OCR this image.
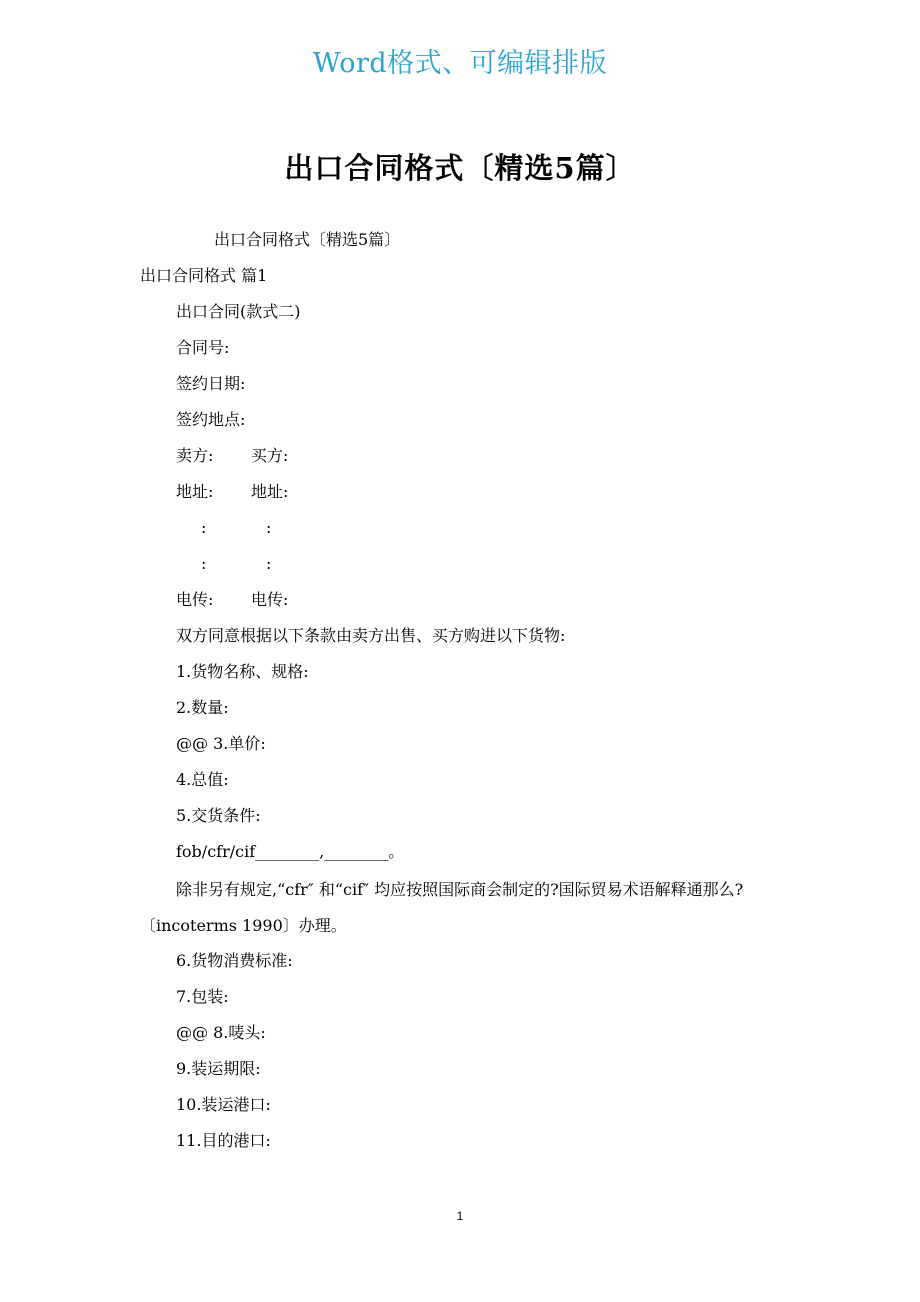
Word格式、可编辑排版
出口合同格式〔精选5篇〕
出口合同格式〔精选5篇〕
出口合同格式 篇1
出口合同(款式二)
合同号:
签约日期:
签约地点:
卖方: 买方:
地址: 地址:
:	:
:	:
电传: 电传:
双方同意根据以下条款由卖方出售、买方购进以下货物:
1.货物名称、规格:
2.数量:
@@ 3.单价:
4.总值:
5.交货条件:
fob/cfr/cif________,________。
除非另有规定,“cfr″ 和“cif″ 均应按照国际商会制定的?国际贸易术语解释通那么?〔incoterms 1990〕办理。
6.货物消费标准:
7.包装:
@@ 8.唛头:
9.装运期限:
10.装运港口:
11.目的港口:
1
